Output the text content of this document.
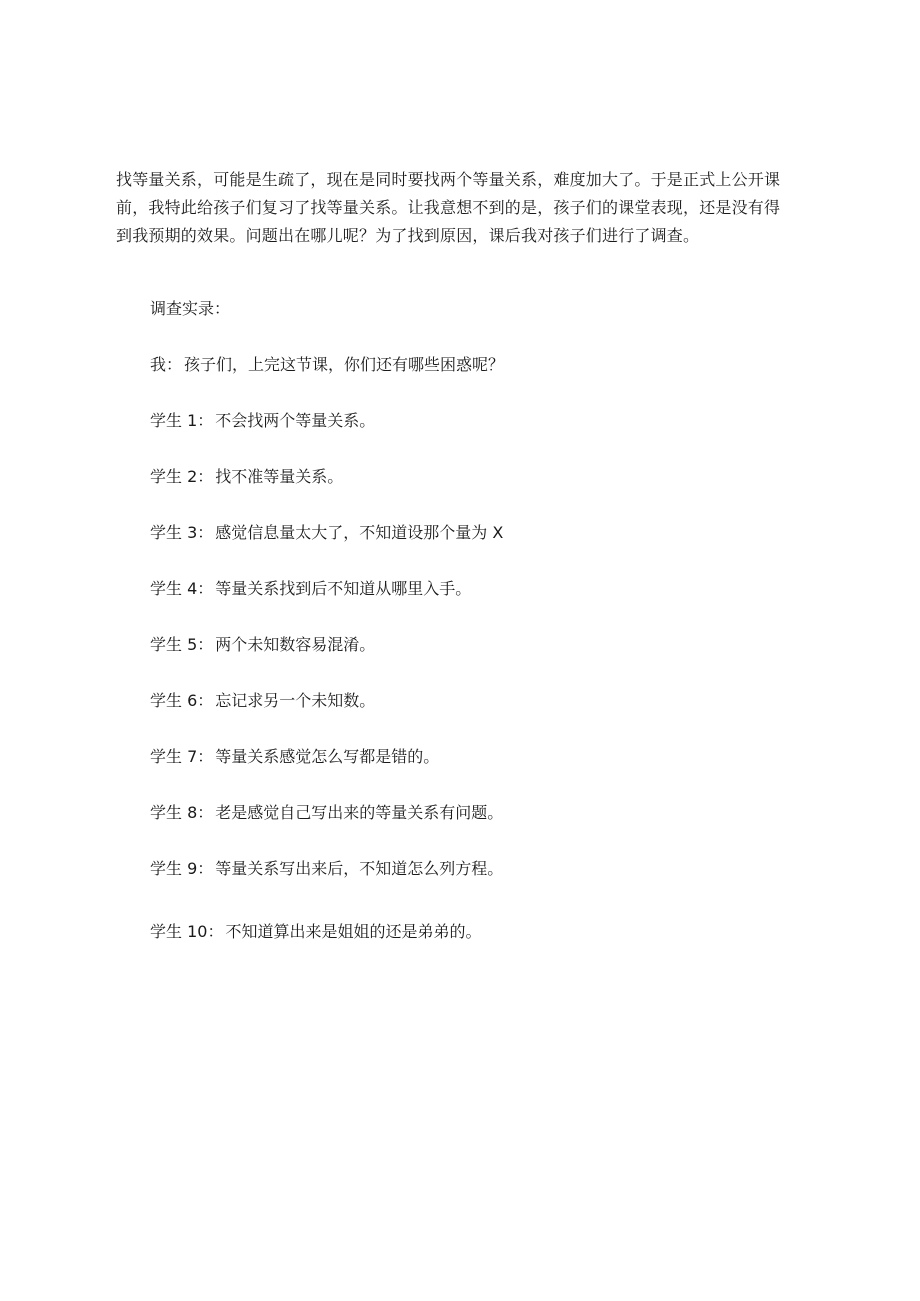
找等量关系，可能是生疏了，现在是同时要找两个等量关系，难度加大了。于是正式上公开课
前，我特此给孩子们复习了找等量关系。让我意想不到的是，孩子们的课堂表现，还是没有得
到我预期的效果。问题出在哪儿呢？为了找到原因，课后我对孩子们进行了调查。

调查实录：

我： 孩子们，上完这节课，你们还有哪些困惑呢？

学生 1： 不会找两个等量关系。

学生 2： 找不准等量关系。

学生 3： 感觉信息量太大了，不知道设那个量为 X

学生 4： 等量关系找到后不知道从哪里入手。

学生 5： 两个未知数容易混淆。

学生 6： 忘记求另一个未知数。

学生 7： 等量关系感觉怎么写都是错的。

学生 8： 老是感觉自己写出来的等量关系有问题。

学生 9： 等量关系写出来后，不知道怎么列方程。

学生 10： 不知道算出来是姐姐的还是弟弟的。
